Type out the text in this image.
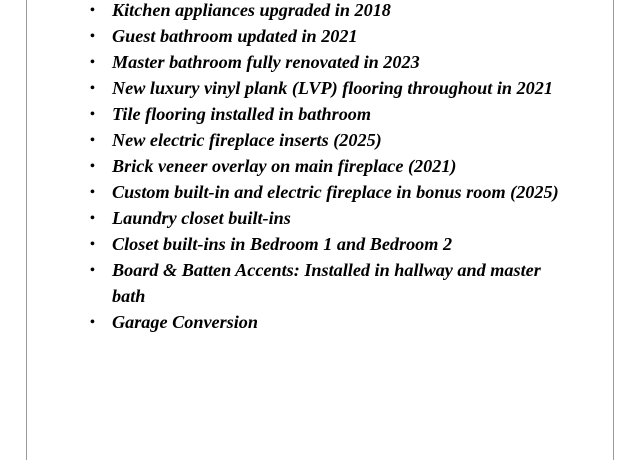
• Kitchen appliances upgraded in 2018
• Guest bathroom updated in 2021
• Master bathroom fully renovated in 2023
• New luxury vinyl plank (LVP) flooring throughout in 2021
• Tile flooring installed in bathroom
• New electric fireplace inserts (2025)
• Brick veneer overlay on main fireplace (2021)
• Custom built-in and electric fireplace in bonus room (2025)
• Laundry closet built-ins
• Closet built-ins in Bedroom 1 and Bedroom 2
• Board & Batten Accents: Installed in hallway and master bath
• Garage Conversion
